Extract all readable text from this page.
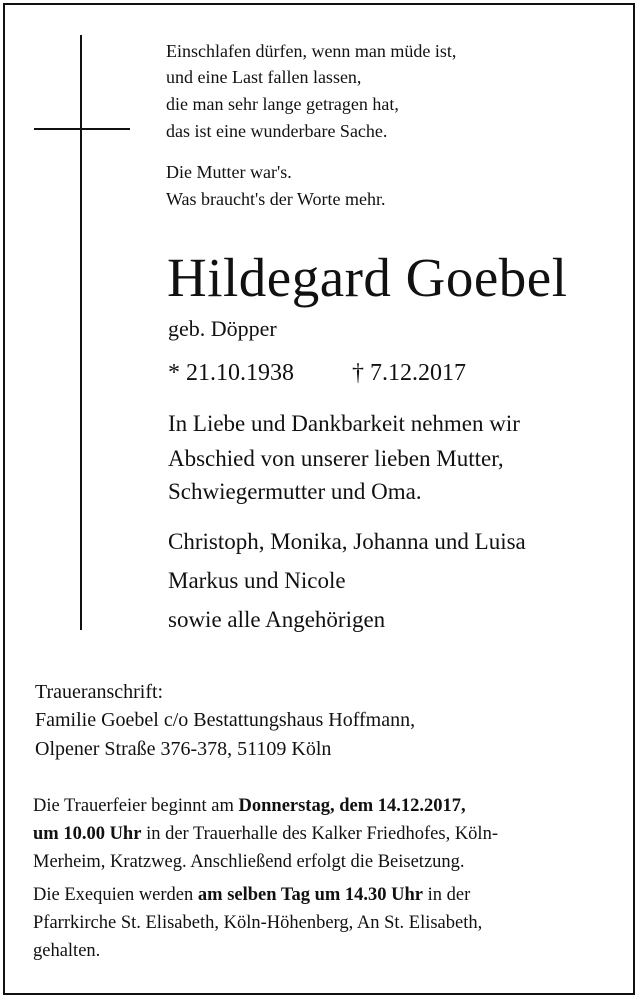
Einschlafen dürfen, wenn man müde ist,
und eine Last fallen lassen,
die man sehr lange getragen hat,
das ist eine wunderbare Sache.
Die Mutter war's.
Was braucht's der Worte mehr.
Hildegard Goebel
geb. Döpper
* 21.10.1938 † 7.12.2017
In Liebe und Dankbarkeit nehmen wir
Abschied von unserer lieben Mutter,
Schwiegermutter und Oma.
Christoph, Monika, Johanna und Luisa
Markus und Nicole
sowie alle Angehörigen
Traueranschrift:
Familie Goebel c/o Bestattungshaus Hoffmann,
Olpener Straße 376-378, 51109 Köln
Die Trauerfeier beginnt am Donnerstag, dem 14.12.2017,
um 10.00 Uhr in der Trauerhalle des Kalker Friedhofes, Köln-
Merheim, Kratzweg. Anschließend erfolgt die Beisetzung.
Die Exequien werden am selben Tag um 14.30 Uhr in der
Pfarrkirche St. Elisabeth, Köln-Höhenberg, An St. Elisabeth,
gehalten.
